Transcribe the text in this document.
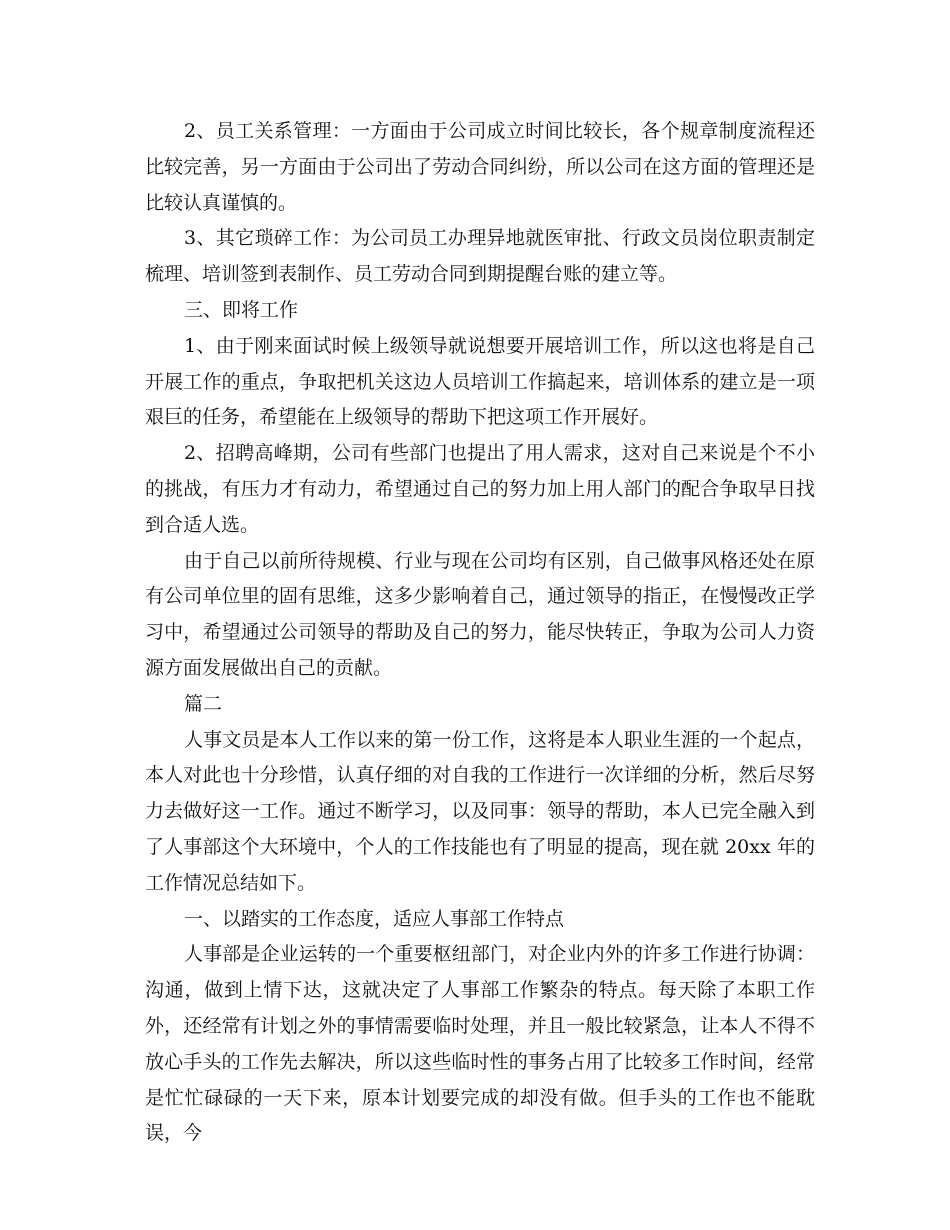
2、员工关系管理：一方面由于公司成立时间比较长，各个规章制度流程还比较完善，另一方面由于公司出了劳动合同纠纷，所以公司在这方面的管理还是比较认真谨慎的。

3、其它琐碎工作：为公司员工办理异地就医审批、行政文员岗位职责制定梳理、培训签到表制作、员工劳动合同到期提醒台账的建立等。

三、即将工作

1、由于刚来面试时候上级领导就说想要开展培训工作，所以这也将是自己开展工作的重点，争取把机关这边人员培训工作搞起来，培训体系的建立是一项艰巨的任务，希望能在上级领导的帮助下把这项工作开展好。

2、招聘高峰期，公司有些部门也提出了用人需求，这对自己来说是个不小的挑战，有压力才有动力，希望通过自己的努力加上用人部门的配合争取早日找到合适人选。

由于自己以前所待规模、行业与现在公司均有区别，自己做事风格还处在原有公司单位里的固有思维，这多少影响着自己，通过领导的指正，在慢慢改正学习中，希望通过公司领导的帮助及自己的努力，能尽快转正，争取为公司人力资源方面发展做出自己的贡献。

篇二

人事文员是本人工作以来的第一份工作，这将是本人职业生涯的一个起点，本人对此也十分珍惜，认真仔细的对自我的工作进行一次详细的分析，然后尽努力去做好这一工作。通过不断学习，以及同事：领导的帮助，本人已完全融入到了人事部这个大环境中，个人的工作技能也有了明显的提高，现在就 20xx 年的工作情况总结如下。

一、以踏实的工作态度，适应人事部工作特点

人事部是企业运转的一个重要枢纽部门，对企业内外的许多工作进行协调：沟通，做到上情下达，这就决定了人事部工作繁杂的特点。每天除了本职工作外，还经常有计划之外的事情需要临时处理，并且一般比较紧急，让本人不得不放心手头的工作先去解决，所以这些临时性的事务占用了比较多工作时间，经常是忙忙碌碌的一天下来，原本计划要完成的却没有做。但手头的工作也不能耽误，今
